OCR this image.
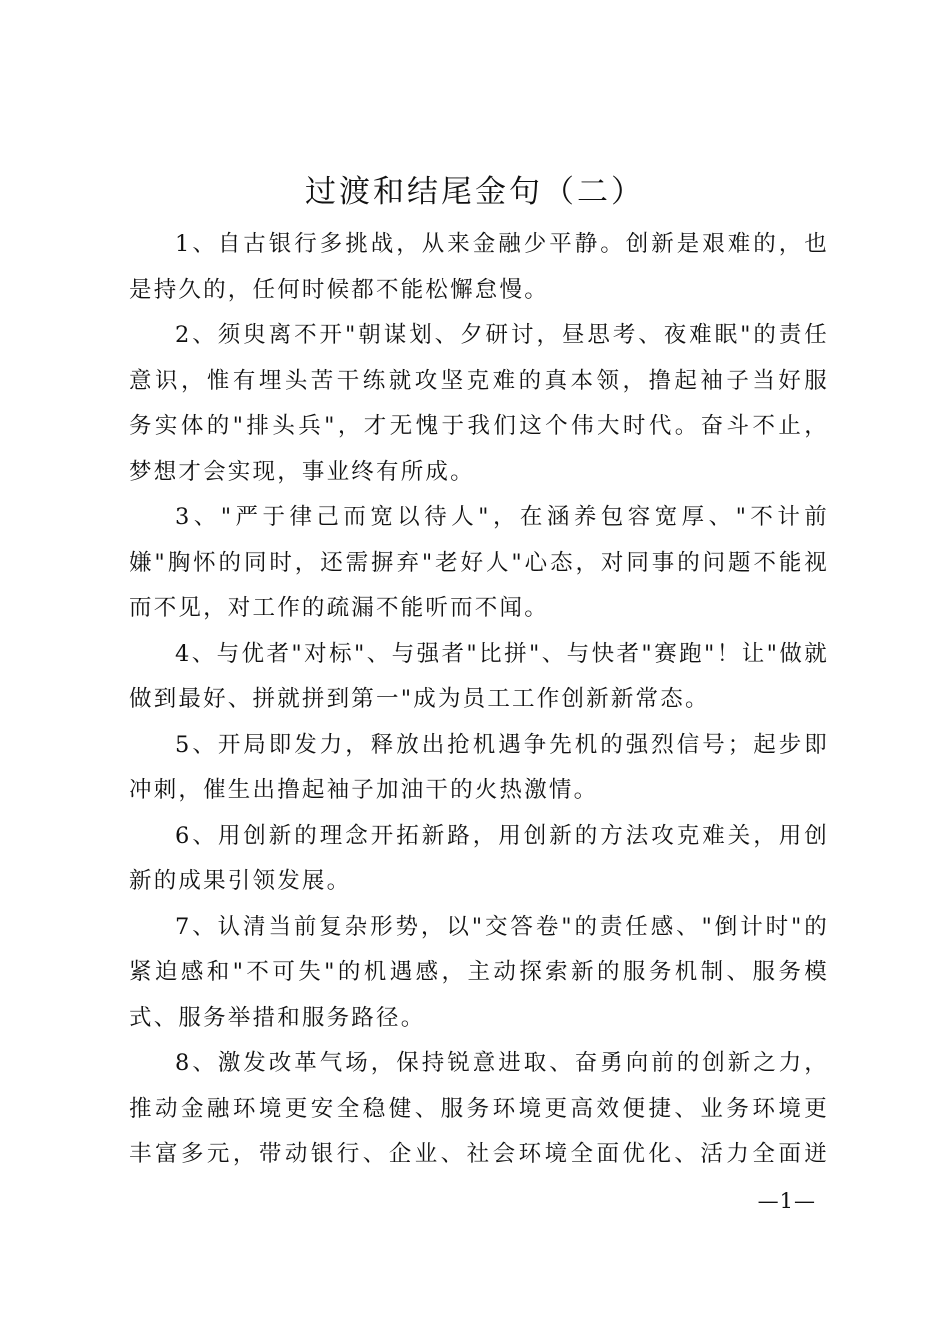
过渡和结尾金句（二）
1、自古银行多挑战，从来金融少平静。创新是艰难的，也
是持久的，任何时候都不能松懈怠慢。
2、须臾离不开"朝谋划、夕研讨，昼思考、夜难眠"的责任
意识，惟有埋头苦干练就攻坚克难的真本领，撸起袖子当好服
务实体的"排头兵"，才无愧于我们这个伟大时代。奋斗不止，
梦想才会实现，事业终有所成。
3、"严于律己而宽以待人"，在涵养包容宽厚、"不计前
嫌"胸怀的同时，还需摒弃"老好人"心态，对同事的问题不能视
而不见，对工作的疏漏不能听而不闻。
4、与优者"对标"、与强者"比拼"、与快者"赛跑"！让"做就
做到最好、拼就拼到第一"成为员工工作创新新常态。
5、开局即发力，释放出抢机遇争先机的强烈信号；起步即
冲刺，催生出撸起袖子加油干的火热激情。
6、用创新的理念开拓新路，用创新的方法攻克难关，用创
新的成果引领发展。
7、认清当前复杂形势，以"交答卷"的责任感、"倒计时"的
紧迫感和"不可失"的机遇感，主动探索新的服务机制、服务模
式、服务举措和服务路径。
8、激发改革气场，保持锐意进取、奋勇向前的创新之力，
推动金融环境更安全稳健、服务环境更高效便捷、业务环境更
丰富多元，带动银行、企业、社会环境全面优化、活力全面迸
—1—
